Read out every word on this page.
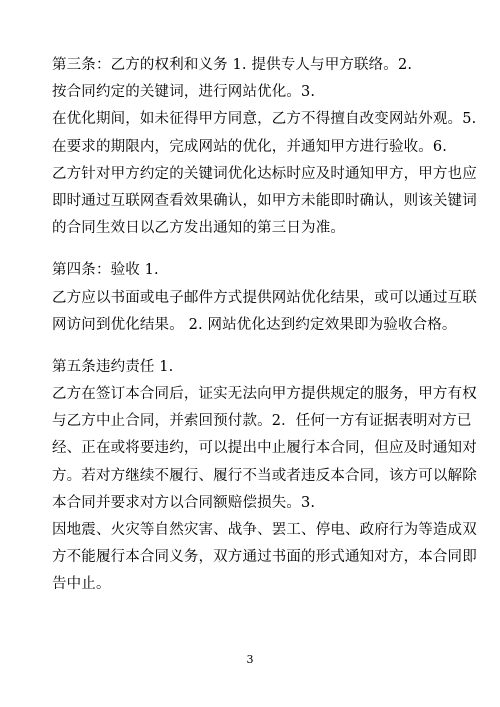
第三条：乙方的权利和义务 1. 提供专人与甲方联络。2.
按合同约定的关键词，进行网站优化。3.
在优化期间，如未征得甲方同意，乙方不得擅自改变网站外观。5.
在要求的期限内，完成网站的优化，并通知甲方进行验收。6.
乙方针对甲方约定的关键词优化达标时应及时通知甲方，甲方也应
即时通过互联网查看效果确认，如甲方未能即时确认，则该关键词
的合同生效日以乙方发出通知的第三日为准。
第四条：验收 1.
乙方应以书面或电子邮件方式提供网站优化结果，或可以通过互联
网访问到优化结果。 2. 网站优化达到约定效果即为验收合格。
第五条违约责任 1.
乙方在签订本合同后，证实无法向甲方提供规定的服务，甲方有权
与乙方中止合同，并索回预付款。2．任何一方有证据表明对方已
经、正在或将要违约，可以提出中止履行本合同，但应及时通知对
方。若对方继续不履行、履行不当或者违反本合同，该方可以解除
本合同并要求对方以合同额赔偿损失。3.
因地震、火灾等自然灾害、战争、罢工、停电、政府行为等造成双
方不能履行本合同义务，双方通过书面的形式通知对方，本合同即
告中止。
3
